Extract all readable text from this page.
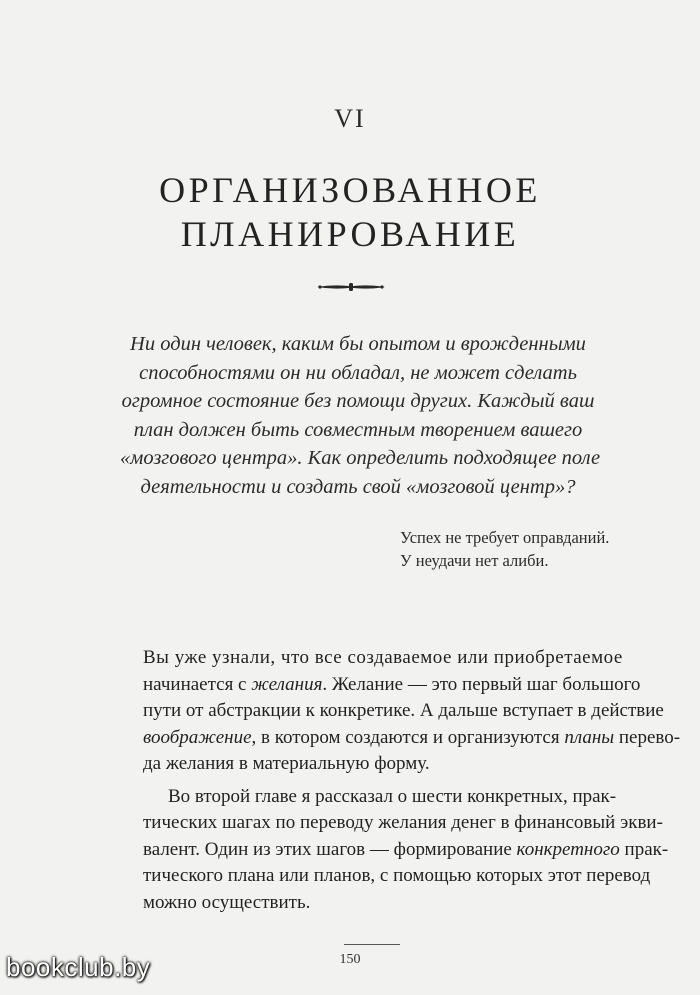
VI
ОРГАНИЗОВАННОЕ
ПЛАНИРОВАНИЕ
Ни один человек, каким бы опытом и врожденными
способностями он ни обладал, не может сделать
огромное состояние без помощи других. Каждый ваш
план должен быть совместным творением вашего
«мозгового центра». Как определить подходящее поле
деятельности и создать свой «мозговой центр»?
Успех не требует оправданий.
У неудачи нет алиби.
Вы уже узнали, что все создаваемое или приобретаемое
начинается с желания. Желание — это первый шаг большого
пути от абстракции к конкретике. А дальше вступает в действие
воображение, в котором создаются и организуются планы перево-
да желания в материальную форму.
Во второй главе я рассказал о шести конкретных, прак-
тических шагах по переводу желания денег в финансовый экви-
валент. Один из этих шагов — формирование конкретного прак-
тического плана или планов, с помощью которых этот перевод
можно осуществить.
150
bookclub.by
